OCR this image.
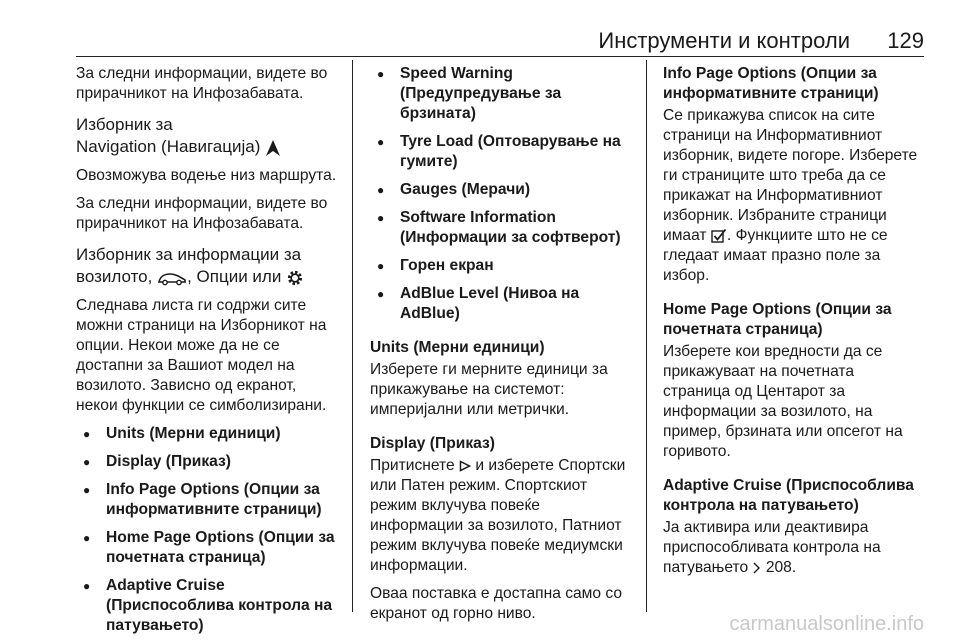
Инструменти и контроли 129

За следни информации, видете во прирачникот на Инфозабавата.

Изборник за
Navigation (Навигација)

Овозможува водење низ маршрута.

За следни информации, видете во прирачникот на Инфозабавата.

Изборник за информации за
возилото, , Опции или

Следнава листа ги содржи сите можни страници на Изборникот на опции. Некои може да не се достапни за Вашиот модел на возилото. Зависно од екранот, некои функции се симболизирани.

● Units (Мерни единици)
● Display (Приказ)
● Info Page Options (Опции за информативните страници)
● Home Page Options (Опции за почетната страница)
● Adaptive Cruise (Приспособлива контрола на патувањето)
● Speed Warning (Предупредување за брзината)
● Tyre Load (Оптоварување на гумите)
● Gauges (Мерачи)
● Software Information (Информации за софтверот)
● Горен екран
● AdBlue Level (Нивоа на AdBlue)
Units (Мерни единици)

Изберете ги мерните единици за прикажување на системот: империјални или метрички.

Display (Приказ)

Притиснете и изберете Спортски или Патен режим. Спортскиот режим вклучува повеќе информации за возилото, Патниот режим вклучува повеќе медиумски информации.

Оваа поставка е достапна само со екранот од горно ниво.

Info Page Options (Опции за информативните страници)

Се прикажува список на сите страници на Информативниот изборник, видете погоре. Изберете ги страниците што треба да се прикажат на Информативниот изборник. Избраните страници имаат . Функциите што не се гледаат имаат празно поле за избор.

Home Page Options (Опции за почетната страница)

Изберете кои вредности да се прикажуваат на почетната страница од Центарот за информации за возилото, на пример, брзината или опсегот на горивото.

Adaptive Cruise (Приспособлива контрола на патувањето)

Ја активира или деактивира приспособливата контрола на патувањето 208.

carmanualsonline.info
